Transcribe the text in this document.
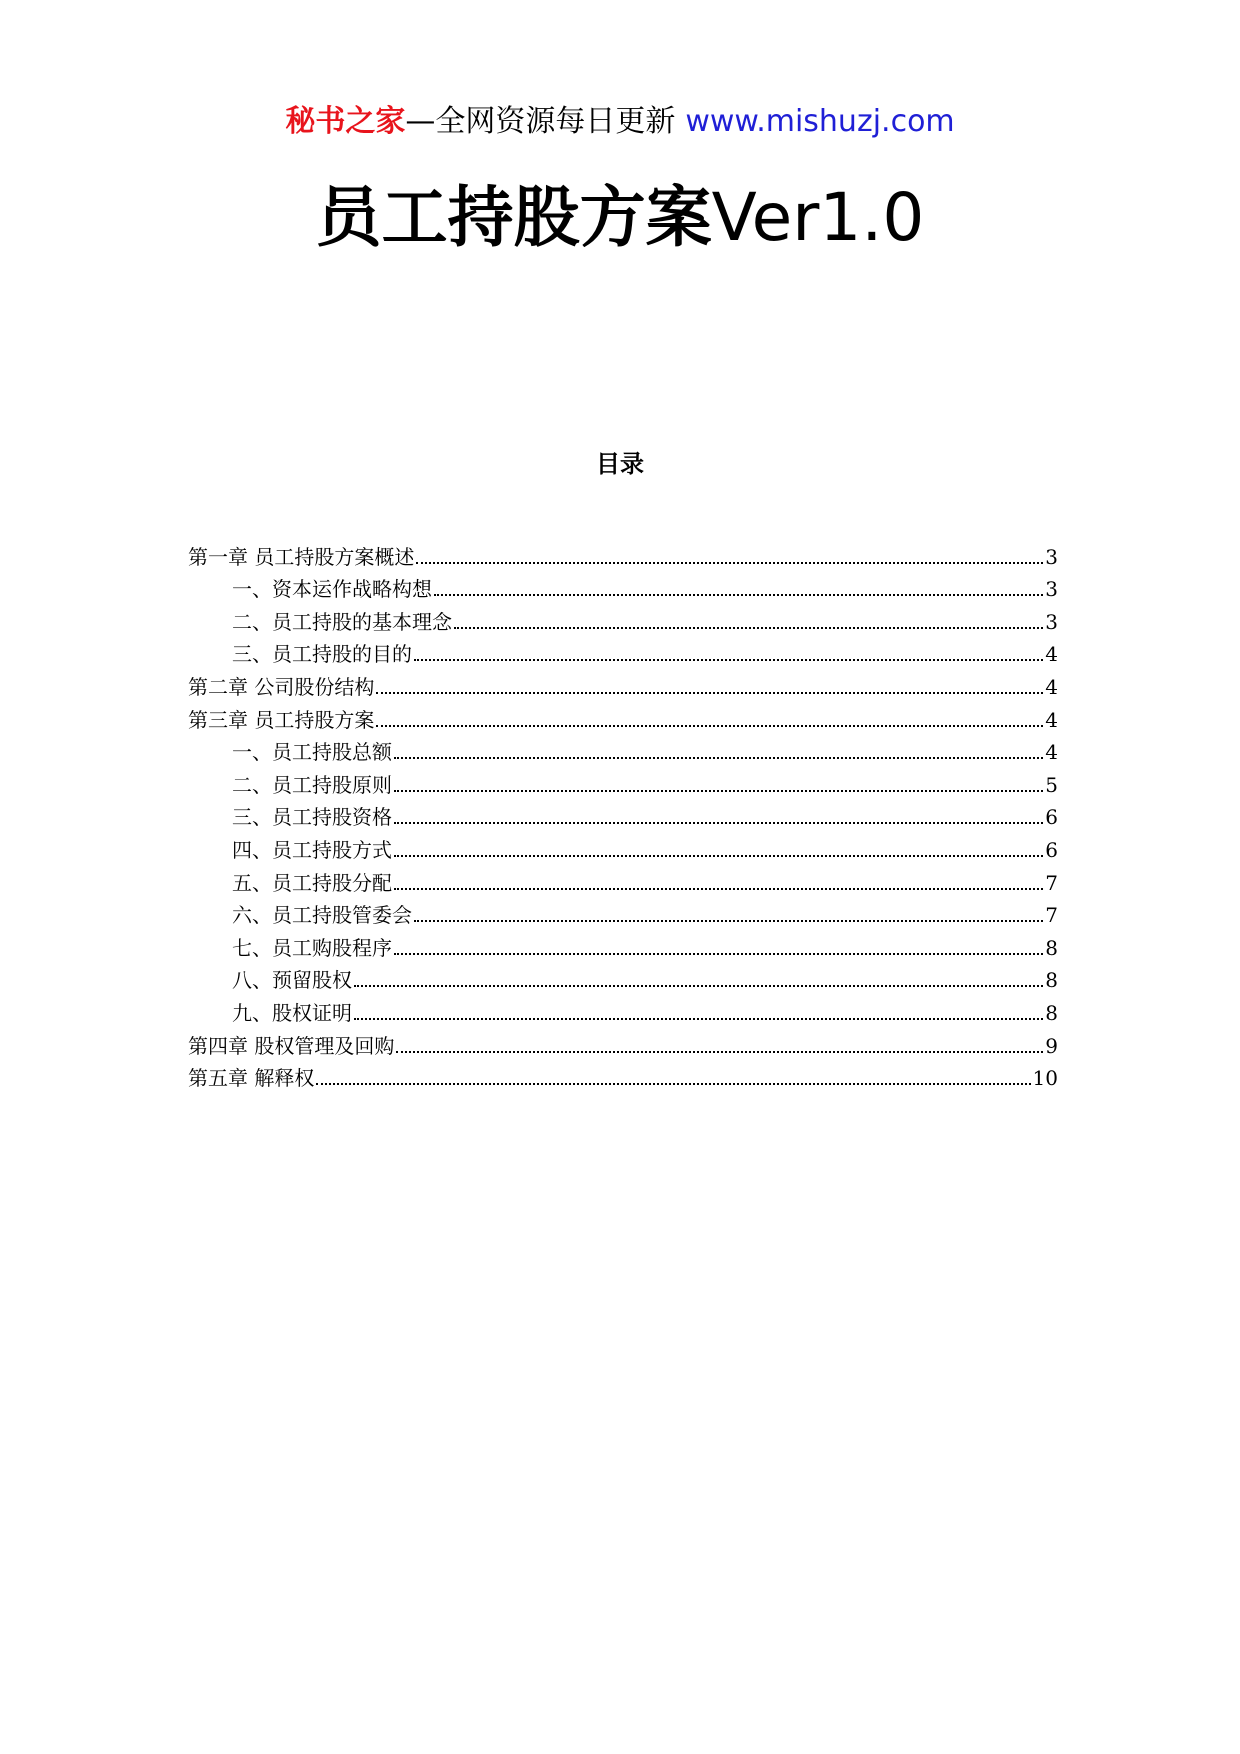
秘书之家—全网资源每日更新 www.mishuzj.com
员工持股方案Ver1.0
目录
第一章 员工持股方案概述	3
一、资本运作战略构想	3
二、员工持股的基本理念	3
三、员工持股的目的	4
第二章 公司股份结构	4
第三章 员工持股方案	4
一、员工持股总额	4
二、员工持股原则	5
三、员工持股资格	6
四、员工持股方式	6
五、员工持股分配	7
六、员工持股管委会	7
七、员工购股程序	8
八、预留股权	8
九、股权证明	8
第四章 股权管理及回购	9
第五章 解释权	10
